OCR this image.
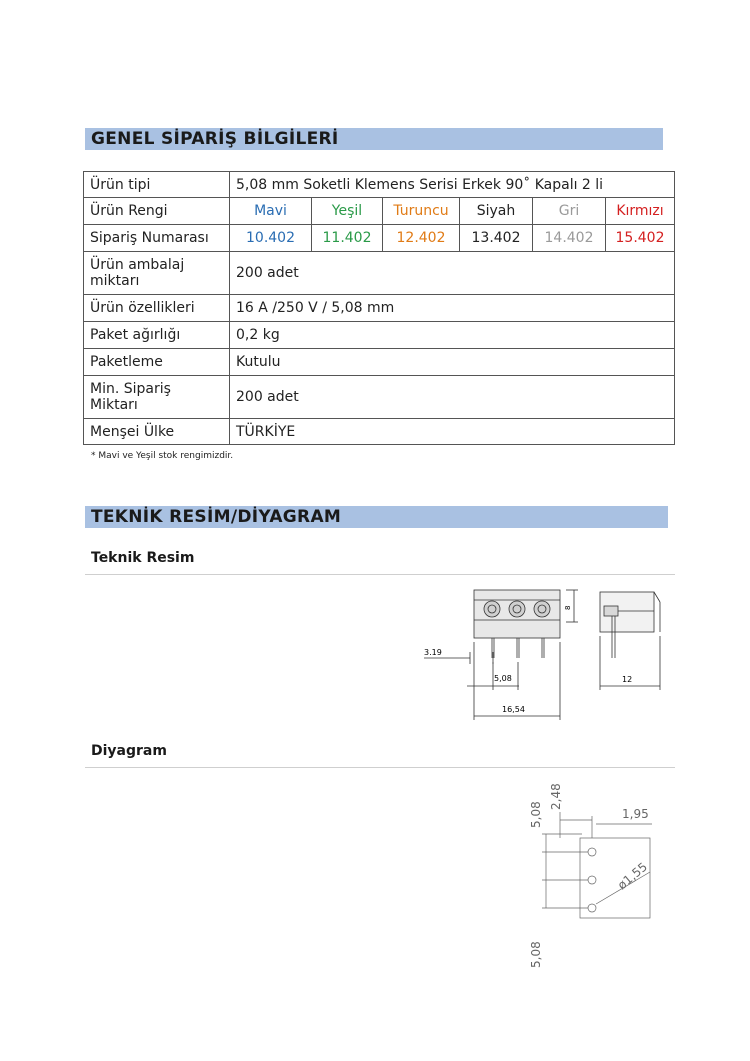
GENEL SİPARİŞ BİLGİLERİ
Ürün tipi	5,08 mm Soketli Klemens Serisi Erkek 90˚ Kapalı 2 li					
Ürün Rengi	Mavi	Yeşil	Turuncu	Siyah	Gri	Kırmızı
Sipariş Numarası	10.402	11.402	12.402	13.402	14.402	15.402
Ürün ambalaj
miktarı	200 adet					
Ürün özellikleri	16 A /250 V / 5,08 mm					
Paket ağırlığı	0,2 kg					
Paketleme	Kutulu					
Min. Sipariş
Miktarı	200 adet					
Menşei Ülke	TÜRKİYE					
* Mavi ve Yeşil stok rengimizdir.
TEKNİK RESİM/DİYAGRAM
Teknik Resim
8
3.19
5,08
16,54
12
Diyagram
5,08
2,48
1,95
ø1,55
5,08
